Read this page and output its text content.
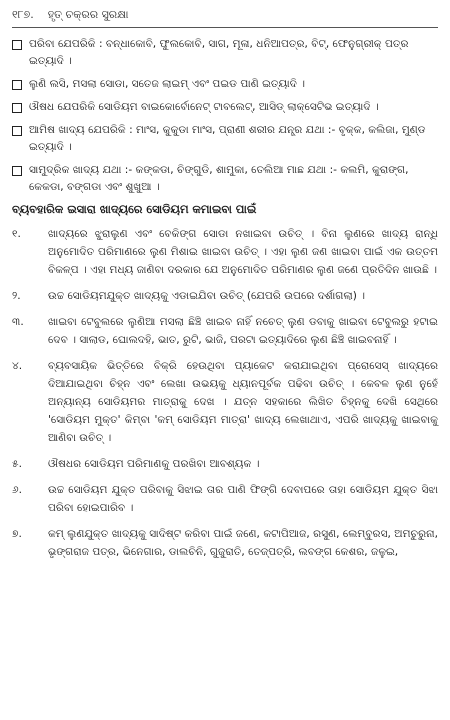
୧୮୭. ହୃତ୍ ଚକ୍ରର ସୁରକ୍ଷା
ପରିବା ଯେପରିକି : ବନ୍ଧାକୋବି, ଫୁଲକୋବି, ସାଗ, ମୂଳା, ଧନିଆପତ୍ର, ବିଟ୍, ଫେନୁଗ୍ରୀକ୍ ପତ୍ର ଇତ୍ୟାଦି ।
ଲୁଣି ଲସି, ମସଲା ସୋଡା, ସତେଜ ଲାଇମ୍ ଏବଂ ପଇଡ ପାଣି ଇତ୍ୟାଦି ।
ଔଷଧ ଯେପରିକି ସୋଡିୟମ ବାଇକୋର୍ବୋନେଟ୍ ଟାବଲେଟ୍, ଆସିଡ୍ ଲାକ୍ସେଟିଭ ଇତ୍ୟାଦି ।
ଆମିଷ ଖାଦ୍ୟ ଯେପରିକି : ମାଂସ, କୁକୁଡା ମାଂସ, ପ୍ରାଣୀ ଶରୀର ଯନ୍ତ୍ର ଯଥା :- ବୃକ୍କ, କଲିଜା, ମୁଣ୍ଡ ଇତ୍ୟାଦି ।
ସାମୁଦ୍ରିକ ଖାଦ୍ୟ ଯଥା :- କଙ୍କଡା, ଚିଙ୍ଗୁଡି, ଶାମୁକା, ତେଲିଆ ମାଛ ଯଥା :- କଲମି, କୁରାଙ୍ଗ, କେକଡା, ବଙ୍ଗଡା ଏବଂ ଶୁଖୁଆ ।
ବ୍ୟବହାରିକ ଇସାରା ଖାଦ୍ୟରେ ସୋଡିୟମ କମାଇବା ପାଇଁ
୧.	ଖାଦ୍ୟରେ ଝୁରାଲୁଣ ଏବଂ ବେକିଙ୍ଗ ସୋଡା ନଖାଇବା ଉଚିତ୍ । ବିନା ଲୁଣରେ ଖାଦ୍ୟ ରାନ୍ଧି ଅନୁମୋଦିତ ପରିମାଣରେ ଲୁଣ ମିଶାଇ ଖାଇବା ଉଚିତ୍ । ଏହା ଲୁଣ ଜଣ ଖାଇବା ପାଇଁ ଏକ ଉତ୍ତମ ବିକଳ୍ପ । ଏହା ମଧ୍ୟ ଜାଣିବା ଦରକାର ଯେ ଅନୁମୋଦିତ ପରିମାଣର ଲୁଣ ଜଣେ ପ୍ରତିଦିନ ଖାଉଛି ।
୨.	ଉଚ୍ଚ ସୋଡିୟମଯୁକ୍ତ ଖାଦ୍ୟକୁ ଏଡାଇଯିବା ଉଚିତ୍ (ଯେପରି ଉପରେ ଦର୍ଶାଗଲା) ।
୩.	ଖାଇବା ଟେବୁଲରେ ଲୁଣିଆ ମସଲା ଛିଞ୍ଚି ଖାଇବ ନାହିଁ ନଚେତ୍ ଲୁଣ ଡବାକୁ ଖାଇବା ଟେବୁଲରୁ ହଟାଇ ଦେବ । ସାଲାଡ, ଘୋଲଦହି, ଭାତ, ରୁଟି, ଭାଜି, ପରଟା ଇତ୍ୟାଦିରେ ଲୁଣ ଛିଞ୍ଚି ଖାଇବନାହିଁ ।
୪.	ବ୍ୟବସାୟିକ ଭିତ୍ତିରେ ବିକ୍ରି ହେଉଥିବା ପ୍ୟାକେଟ କରାଯାଇଥିବା ପ୍ରୋସେସ୍ ଖାଦ୍ୟରେ ଦିଆଯାଇଥିବା ଚିହ୍ନ ଏବଂ ଲେଖା ଉଭୟକୁ ଧ୍ୟାନପୂର୍ବକ ପଢିବା ଉଚିତ୍ । କେବଳ ଲୁଣ ନୁହେଁ ଅନ୍ୟାନ୍ୟ ସୋଡିୟମର ମାତ୍ରାକୁ ଦେଖ । ଯତ୍ନ ସହକାରେ ଲିଖିତ ଚିହ୍ନକୁ ଦେଖି ସେଥିରେ 'ସୋଡିୟମ ମୁକ୍ତ' କିମ୍ବା 'କମ୍ ସୋଡିୟମ ମାତ୍ରା' ଖାଦ୍ୟ ଲେଖାଥାଏ, ଏପରି ଖାଦ୍ୟକୁ ଖାଇବାକୁ ଆଣିବା ଉଚିତ୍ ।
୫.	ଔଷଧର ସୋଡିୟମ ପରିମାଣକୁ ପରଖିବା ଆବଶ୍ୟକ ।
୬.	ଉଚ୍ଚ ସୋଡିୟମ ଯୁକ୍ତ ପରିବାକୁ ସିଝାଇ ତାର ପାଣି ଫିଙ୍ଗି ଦେବାପରେ ତାହା ସୋଡିୟମ ଯୁକ୍ତ ସିଝା ପରିବା ହୋଇପାରିବ ।
୭.	କମ୍ ଲୁଣଯୁକ୍ତ ଖାଦ୍ୟକୁ ସାଦିଷ୍ଟ କରିବା ପାଇଁ ଜଣେ, କଟାପିଆଜ, ରସୁଣ, ଲେମ୍ବୁରସ, ଅମଚୁରୁନା, ଭୃଙ୍ଗରାଜ ପତ୍ର, ଭିନେଗାର, ଡାଲଚିନି, ଗୁଜୁରାତି, ତେଜ୍ପତ୍ରି, ଲବଙ୍ଗ କେଶର, ଜଳୁଇ,
